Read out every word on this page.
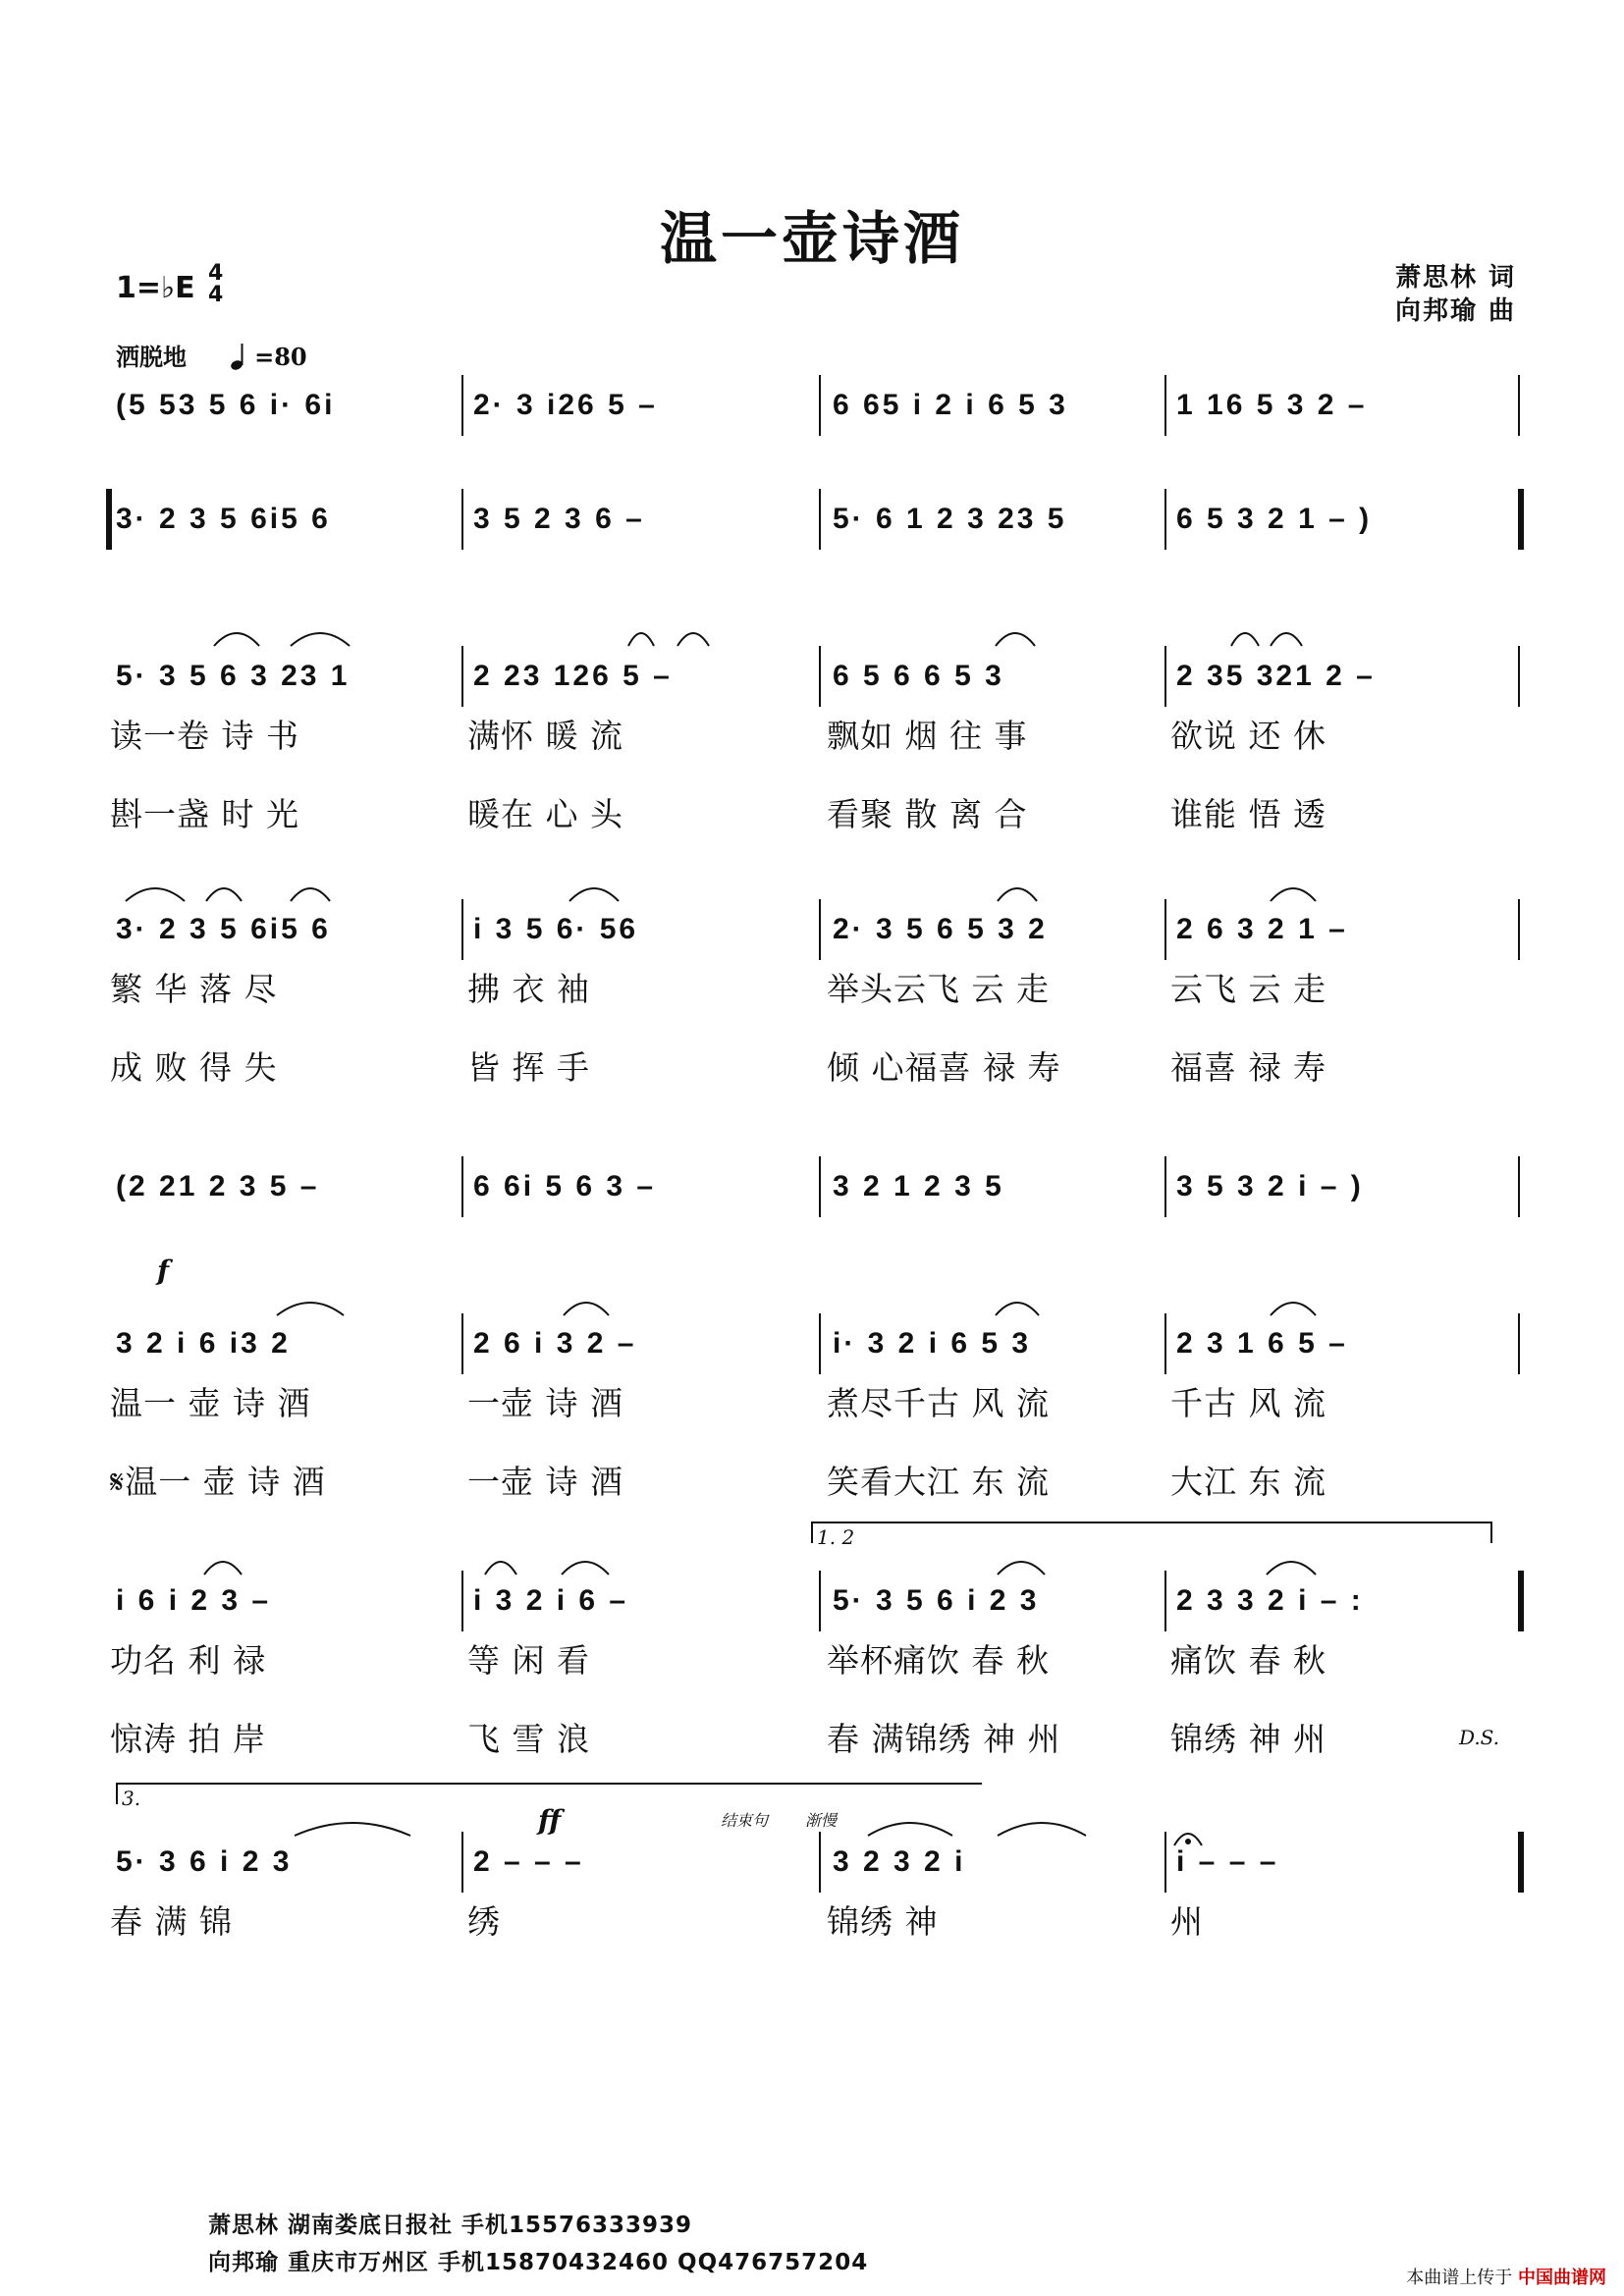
温一壶诗酒
萧思林 词
向邦瑜 曲
1=♭E 4
4
洒脱地	=80
(5 53 5 6 i· 6i	2· 3 i26 5 –	6 65 i 2 i 6 5 3	1 16 5 3 2 –
3· 2 3 5 6i5 6	3 5 2 3 6 –	5· 6 1 2 3 23 5	6 5 3 2 1 – )
5· 3 5 6 3 23 1	2 23 126 5 –	6 5 6 6 5 3	2 35 321 2 –
读一卷 诗 书	满怀 暖 流	飘如 烟 往 事	欲说 还 休
斟一盏 时 光	暖在 心 头	看聚 散 离 合	谁能 悟 透
3· 2 3 5 6i5 6	i 3 5 6· 56	2· 3 5 6 5 3 2	2 6 3 2 1 –
繁 华 落 尽	拂 衣 袖	举头云飞 云 走	云飞 云 走
成 败 得 失	皆 挥 手	倾 心福喜 禄 寿	福喜 禄 寿
(2 21 2 3 5 –	6 6i 5 6 3 –	3 2 1 2 3 5	3 5 3 2 i – )
3 2 i 6 i3 2	2 6 i 3 2 –	i· 3 2 i 6 5 3	2 3 1 6 5 –
温一 壶 诗 酒	一壶 诗 酒	煮尽千古 风 流	千古 风 流
𝄋温一 壶 诗 酒	一壶 诗 酒	笑看大江 东 流	大江 东 流
f
i 6 i 2 3 –	i 3 2 i 6 –	5· 3 5 6 i 2 3	2 3 3 2 i – :
功名 利 禄	等 闲 看	举杯痛饮 春 秋	痛饮 春 秋
惊涛 拍 岸	飞 雪 浪	春 满锦绣 神 州	锦绣 神 州
1. 2
D.S.
5· 3 6 i 2 3	2 – – –	3 2 3 2 i	i – – –
春 满 锦	绣	锦绣 神	州
ff
3.
结束句 渐慢
萧思林 湖南娄底日报社 手机15576333939
向邦瑜 重庆市万州区 手机15870432460 QQ476757204
本曲谱上传于 中国曲谱网
